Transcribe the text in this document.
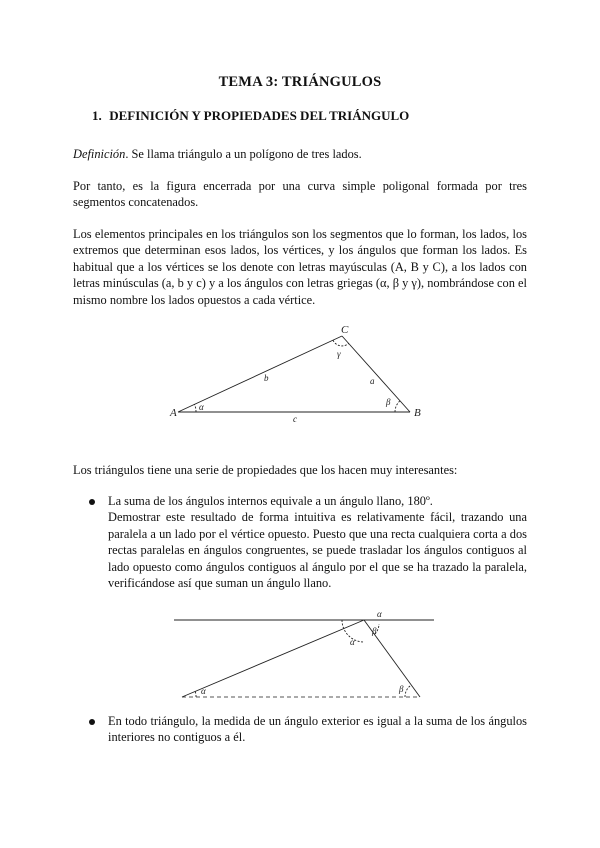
TEMA 3: TRIÁNGULOS
1. DEFINICIÓN Y PROPIEDADES DEL TRIÁNGULO
Definición. Se llama triángulo a un polígono de tres lados.
Por tanto, es la figura encerrada por una curva simple poligonal formada por tres segmentos concatenados.
Los elementos principales en los triángulos son los segmentos que lo forman, los lados, los extremos que determinan esos lados, los vértices, y los ángulos que forman los lados. Es habitual que a los vértices se los denote con letras mayúsculas (A, B y C), a los lados con letras minúsculas (a, b y c) y a los ángulos con letras griegas (α, β y γ), nombrándose con el mismo nombre los lados opuestos a cada vértice.
A	B
C
a
b
c
α	β
γ
α
β
α
α	β
Los triángulos tiene una serie de propiedades que los hacen muy interesantes:
La suma de los ángulos internos equivale a un ángulo llano, 180º.
Demostrar este resultado de forma intuitiva es relativamente fácil, trazando una paralela a un lado por el vértice opuesto. Puesto que una recta cualquiera corta a dos rectas paralelas en ángulos congruentes, se puede trasladar los ángulos contiguos al lado opuesto como ángulos contiguos al ángulo por el que se ha trazado la paralela, verificándose así que suman un ángulo llano.
En todo triángulo, la medida de un ángulo exterior es igual a la suma de los ángulos interiores no contiguos a él.
